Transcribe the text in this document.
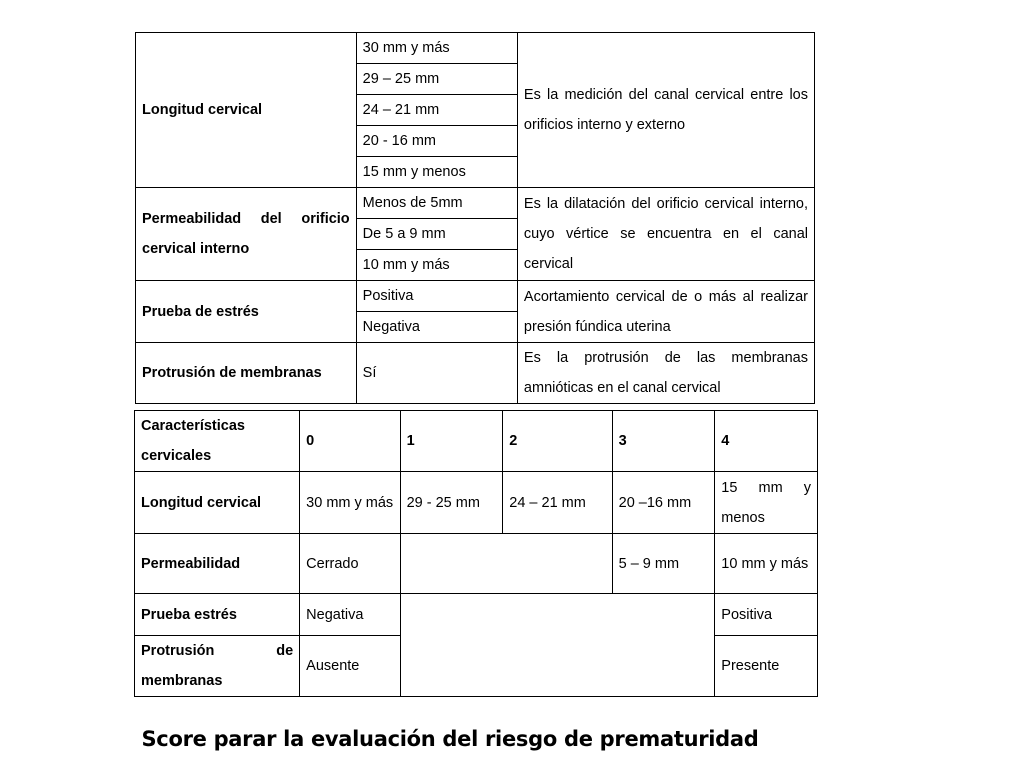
Longitud cervical	30 mm y más	Es la medición del canal cervical entre los orificios interno y externo
	29 – 25 mm	
	24 – 21 mm	
	20 - 16 mm	
	15 mm y menos	
Permeabilidad del orificio cervical interno	Menos de 5mm	Es la dilatación del orificio cervical interno, cuyo vértice se encuentra en el canal cervical
	De 5 a 9 mm	
	10 mm y más	
Prueba de estrés	Positiva	Acortamiento cervical de o más al realizar presión fúndica uterina
	Negativa	
Protrusión de membranas	Sí	Es la protrusión de las membranas amnióticas en el canal cervical
Características cervicales	0	1	2	3	4
Longitud cervical	30 mm y más	29 - 25 mm	24 – 21 mm	20 –16 mm	15 mm y menos
Permeabilidad	Cerrado			5 – 9 mm	10 mm y más
Prueba estrés	Negativa				Positiva
Protrusión de membranas	Ausente				Presente
Score parar la evaluación del riesgo de prematuridad
